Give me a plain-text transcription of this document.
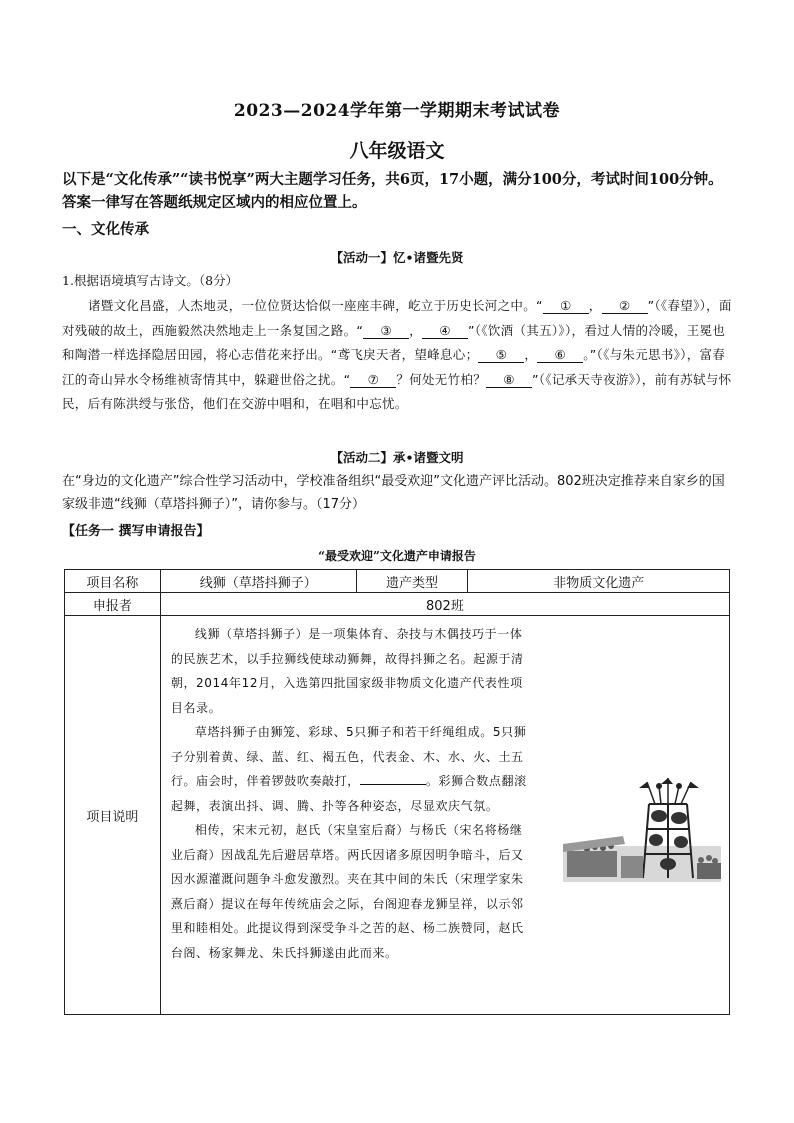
2023—2024学年第一学期期末考试试卷
八年级语文
以下是“文化传承”“读书悦享”两大主题学习任务，共6页，17小题，满分100分，考试时间100分钟。答案一律写在答题纸规定区域内的相应位置上。
一、文化传承
【活动一】忆•诸暨先贤
1.根据语境填写古诗文。（8分）
诸暨文化昌盛，人杰地灵，一位位贤达恰似一座座丰碑，屹立于历史长河之中。“ ① ， ② ”（《春望》），面对残破的故土，西施毅然决然地走上一条复国之路。“ ③ ， ④ ”（《饮酒（其五）》），看过人情的冷暖，王冕也和陶潜一样选择隐居田园，将心志借花来抒出。“鸢飞戾天者，望峰息心； ⑤ ， ⑥ 。”（《与朱元思书》），富春江的奇山异水令杨维祯寄情其中，躲避世俗之扰。“ ⑦ ？何处无竹柏？ ⑧ ”（《记承天寺夜游》），前有苏轼与怀民，后有陈洪绶与张岱，他们在交游中唱和，在唱和中忘忧。
【活动二】承•诸暨文明
在“身边的文化遗产”综合性学习活动中，学校准备组织“最受欢迎”文化遗产评比活动。802班决定推荐来自家乡的国家级非遗“线狮（草塔抖狮子）”，请你参与。（17分）
【任务一 撰写申请报告】
“最受欢迎”文化遗产申请报告
项目名称	线狮（草塔抖狮子）	遗产类型	非物质文化遗产
申报者	802班		
项目说明	线狮（草塔抖狮子）是一项集体育、杂技与木偶技巧于一体的民族艺术，以手拉狮线使球动狮舞，故得抖狮之名。起源于清朝，2014年12月，入选第四批国家级非物质文化遗产代表性项目名录。

草塔抖狮子由狮笼、彩球、5只狮子和若干纤绳组成。5只狮子分别着黄、绿、蓝、红、褐五色，代表金、木、水、火、土五行。庙会时，伴着锣鼓吹奏敲打， 。彩狮合数点翻滚起舞，表演出抖、调、腾、扑等各种姿态，尽显欢庆气氛。

相传，宋末元初，赵氏（宋皇室后裔）与杨氏（宋名将杨继业后裔）因战乱先后避居草塔。两氏因诸多原因明争暗斗，后又因水源灌溉问题争斗愈发激烈。夹在其中间的朱氏（宋理学家朱熹后裔）提议在每年传统庙会之际，台阁迎春龙狮呈祥，以示邻里和睦相处。此提议得到深受争斗之苦的赵、杨二族赞同，赵氏台阁、杨家舞龙、朱氏抖狮遂由此而来。		
